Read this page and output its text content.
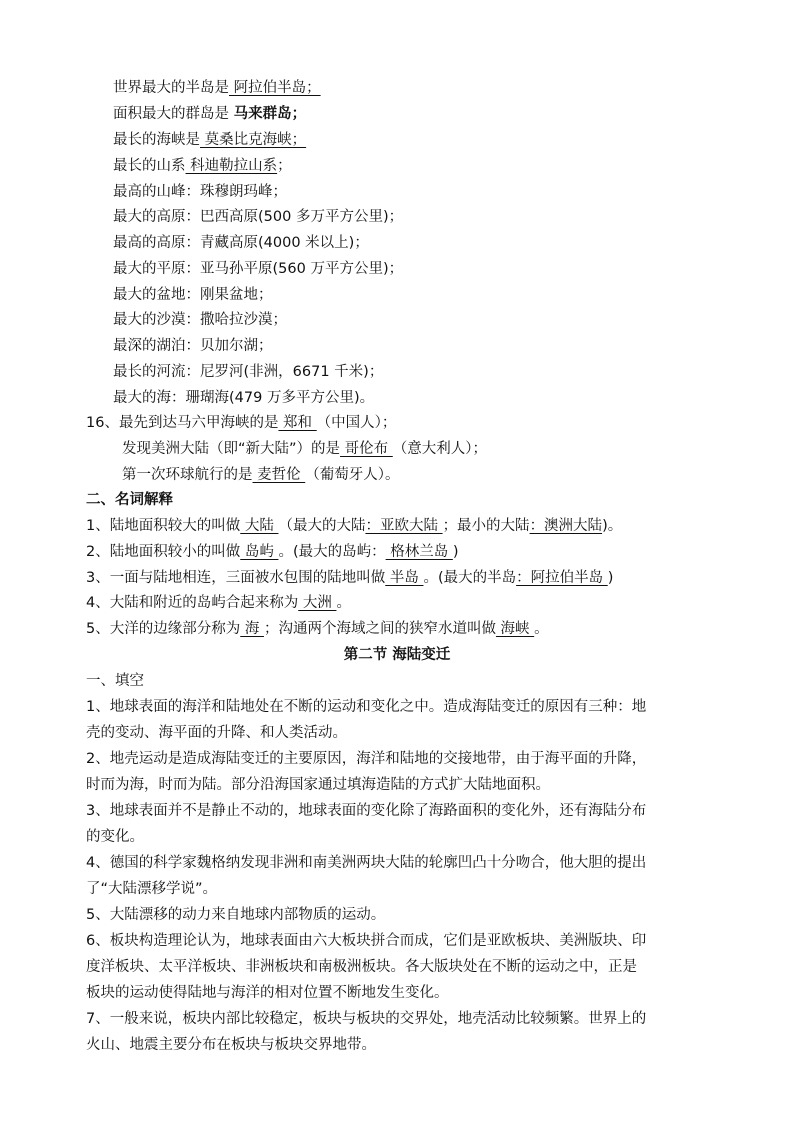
世界最大的半岛是 阿拉伯半岛；
面积最大的群岛是 马来群岛；
最长的海峡是 莫桑比克海峡；
最长的山系 科迪勒拉山系；
最高的山峰：珠穆朗玛峰；
最大的高原：巴西高原(500 多万平方公里)；
最高的高原：青藏高原(4000 米以上)；
最大的平原：亚马孙平原(560 万平方公里)；
最大的盆地：刚果盆地；
最大的沙漠：撒哈拉沙漠；
最深的湖泊：贝加尔湖；
最长的河流：尼罗河(非洲，6671 千米)；
最大的海：珊瑚海(479 万多平方公里)。
16、最先到达马六甲海峡的是 郑和 （中国人）；
发现美洲大陆（即“新大陆”）的是 哥伦布 （意大利人）；
第一次环球航行的是 麦哲伦 （葡萄牙人）。
二、名词解释
1、陆地面积较大的叫做 大陆 （最大的大陆：亚欧大陆 ；最小的大陆：澳洲大陆)。
2、陆地面积较小的叫做 岛屿 。(最大的岛屿： 格林兰岛 )
3、一面与陆地相连，三面被水包围的陆地叫做 半岛 。(最大的半岛：阿拉伯半岛 )
4、大陆和附近的岛屿合起来称为 大洲 。
5、大洋的边缘部分称为 海 ；沟通两个海域之间的狭窄水道叫做 海峡 。
第二节 海陆变迁
一、填空
1、地球表面的海洋和陆地处在不断的运动和变化之中。造成海陆变迁的原因有三种：地
壳的变动、海平面的升降、和人类活动。
2、地壳运动是造成海陆变迁的主要原因，海洋和陆地的交接地带，由于海平面的升降，
时而为海，时而为陆。部分沿海国家通过填海造陆的方式扩大陆地面积。
3、地球表面并不是静止不动的，地球表面的变化除了海路面积的变化外，还有海陆分布
的变化。
4、德国的科学家魏格纳发现非洲和南美洲两块大陆的轮廓凹凸十分吻合，他大胆的提出
了“大陆漂移学说”。
5、大陆漂移的动力来自地球内部物质的运动。
6、板块构造理论认为，地球表面由六大板块拼合而成，它们是亚欧板块、美洲版块、印
度洋板块、太平洋板块、非洲板块和南极洲板块。各大版块处在不断的运动之中，正是
板块的运动使得陆地与海洋的相对位置不断地发生变化。
7、一般来说，板块内部比较稳定，板块与板块的交界处，地壳活动比较频繁。世界上的
火山、地震主要分布在板块与板块交界地带。
